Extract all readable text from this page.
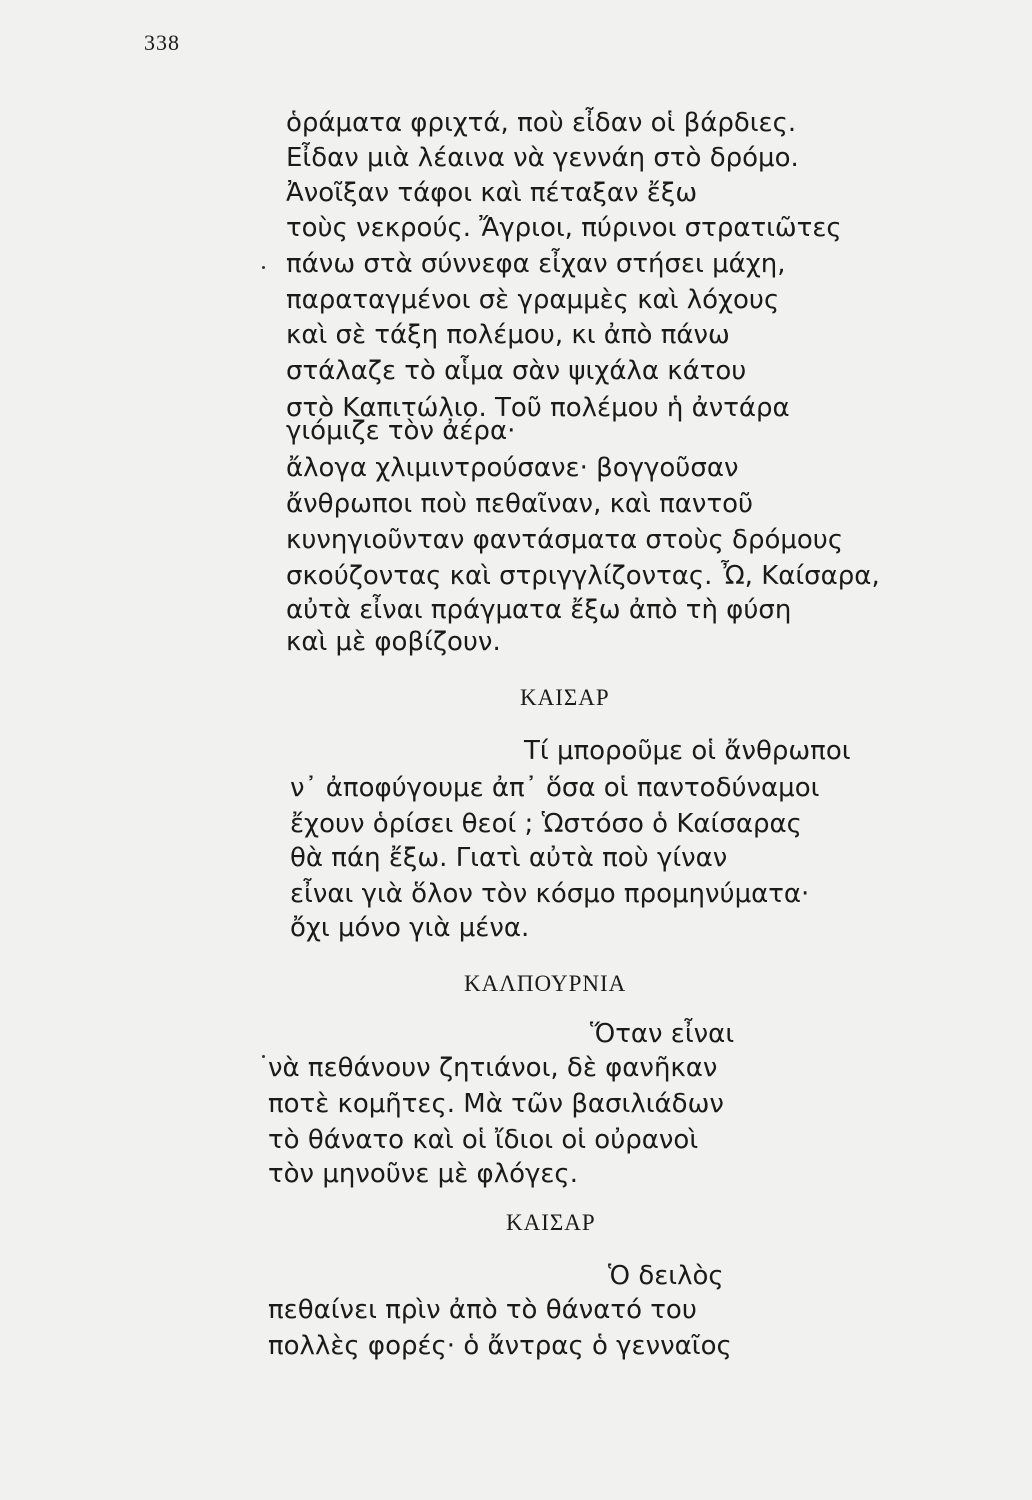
338
ὁράματα φριχτά, ποὺ εἶδαν οἱ βάρδιες.
Εἶδαν μιὰ λέαινα νὰ γεννάη στὸ δρόμο.
Ἀνοῖξαν τάφοι καὶ πέταξαν ἔξω
τοὺς νεκρούς. Ἄγριοι, πύρινοι στρατιῶτες
πάνω στὰ σύννεφα εἶχαν στήσει μάχη,
παραταγμένοι σὲ γραμμὲς καὶ λόχους
καὶ σὲ τάξη πολέμου, κι ἀπὸ πάνω
στάλαζε τὸ αἷμα σὰν ψιχάλα κάτου
στὸ Καπιτώλιο. Τοῦ πολέμου ἡ ἀντάρα
γιόμιζε τὸν ἀέρα·
ἄλογα χλιμιντρούσανε· βογγοῦσαν
ἄνθρωποι ποὺ πεθαῖναν, καὶ παντοῦ
κυνηγιοῦνταν φαντάσματα στοὺς δρόμους
σκούζοντας καὶ στριγγλίζοντας. Ὦ, Καίσαρα,
αὐτὰ εἶναι πράγματα ἔξω ἀπὸ τὴ φύση
καὶ μὲ φοβίζουν.
ΚΑΙΣΑΡ
Τί μποροῦμε οἱ ἄνθρωποι
ν᾿ ἀποφύγουμε ἀπ᾿ ὅσα οἱ παντοδύναμοι
ἔχουν ὁρίσει θεοί ; Ὡστόσο ὁ Καίσαρας
θὰ πάη ἔξω. Γιατὶ αὐτὰ ποὺ γίναν
εἶναι γιὰ ὅλον τὸν κόσμο προμηνύματα·
ὄχι μόνο γιὰ μένα.
ΚΑΛΠΟΥΡΝΙΑ
Ὅταν εἶναι
νὰ πεθάνουν ζητιάνοι, δὲ φανῆκαν
ποτὲ κομῆτες. Μὰ τῶν βασιλιάδων
τὸ θάνατο καὶ οἱ ἴδιοι οἱ οὐρανοὶ
τὸν μηνοῦνε μὲ φλόγες.
ΚΑΙΣΑΡ
Ὁ δειλὸς
πεθαίνει πρὶν ἀπὸ τὸ θάνατό του
πολλὲς φορές· ὁ ἄντρας ὁ γενναῖος
